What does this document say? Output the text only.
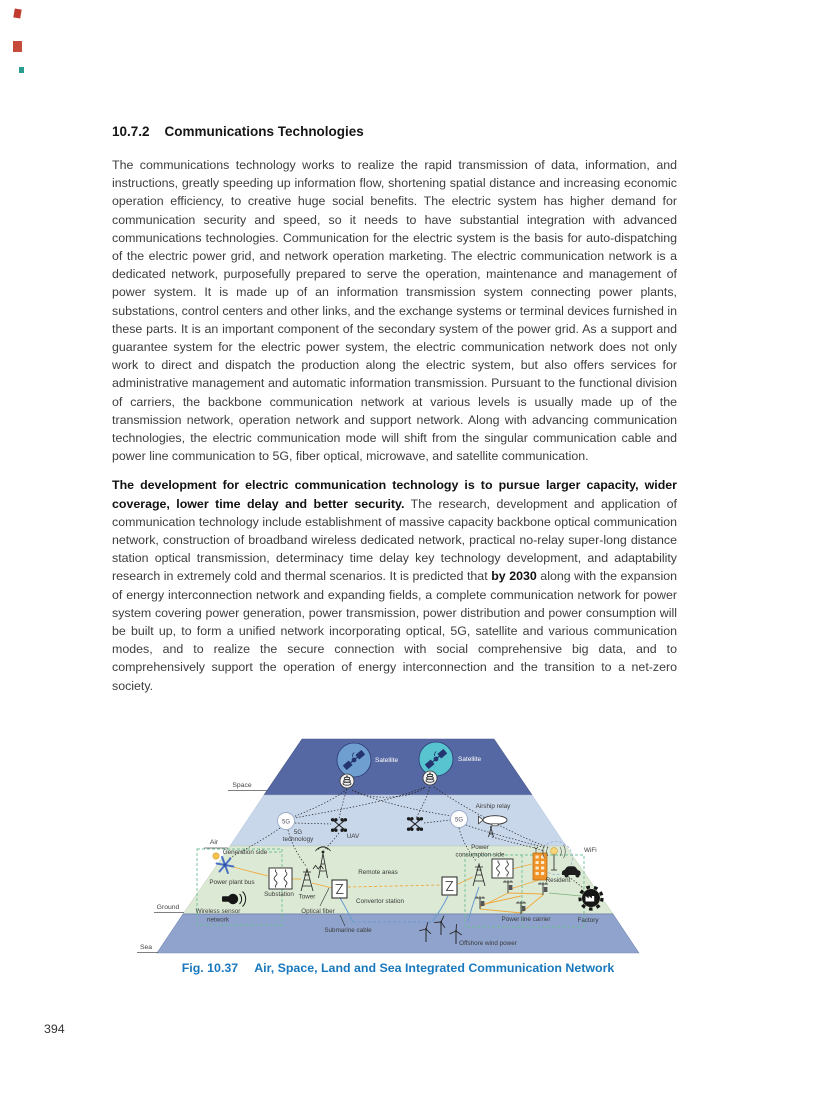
10.7.2 Communications Technologies

The communications technology works to realize the rapid transmission of data, information, and instructions, greatly speeding up information flow, shortening spatial distance and increasing economic operation efficiency, to creative huge social benefits. The electric system has higher demand for communication security and speed, so it needs to have substantial integration with advanced communications technologies. Communication for the electric system is the basis for auto-dispatching of the electric power grid, and network operation marketing. The electric communication network is a dedicated network, purposefully prepared to serve the operation, maintenance and management of power system. It is made up of an information transmission system connecting power plants, substations, control centers and other links, and the exchange systems or terminal devices furnished in these parts. It is an important component of the secondary system of the power grid. As a support and guarantee system for the electric power system, the electric communication network does not only work to direct and dispatch the production along the electric system, but also offers services for administrative management and automatic information transmission. Pursuant to the functional division of carriers, the backbone communication network at various levels is usually made up of the transmission network, operation network and support network. Along with advancing communication technologies, the electric communication mode will shift from the singular communication cable and power line communication to 5G, fiber optical, microwave, and satellite communication.

The development for electric communication technology is to pursue larger capacity, wider coverage, lower time delay and better security. The research, development and application of communication technology include establishment of massive capacity backbone optical communication network, construction of broadband wireless dedicated network, practical no-relay super-long distance station optical transmission, determinacy time delay key technology development, and adaptability research in extremely cold and thermal scenarios. It is predicted that by 2030 along with the expansion of energy interconnection network and expanding fields, a complete communication network for power system covering power generation, power transmission, power distribution and power consumption will be built up, to form a unified network incorporating optical, 5G, satellite and various communication modes, and to realize the secure connection with social comprehensive big data, and to comprehensively support the operation of energy interconnection and the transition to a net-zero society.

Satellite	Satellite
5G
5G
technology	UAV
5G
Airship relay
Generation side
Power plant bus
Wireless sensor
network
Substation Tower
Remote areas
Optical fiber
Convertor station
Power
consumption side
Resident
WiFi
Power line carrier	Factory
Submarine cable
Offshore wind power
Space
Air
Ground
Sea
Fig. 10.37 Air, Space, Land and Sea Integrated Communication Network
394
